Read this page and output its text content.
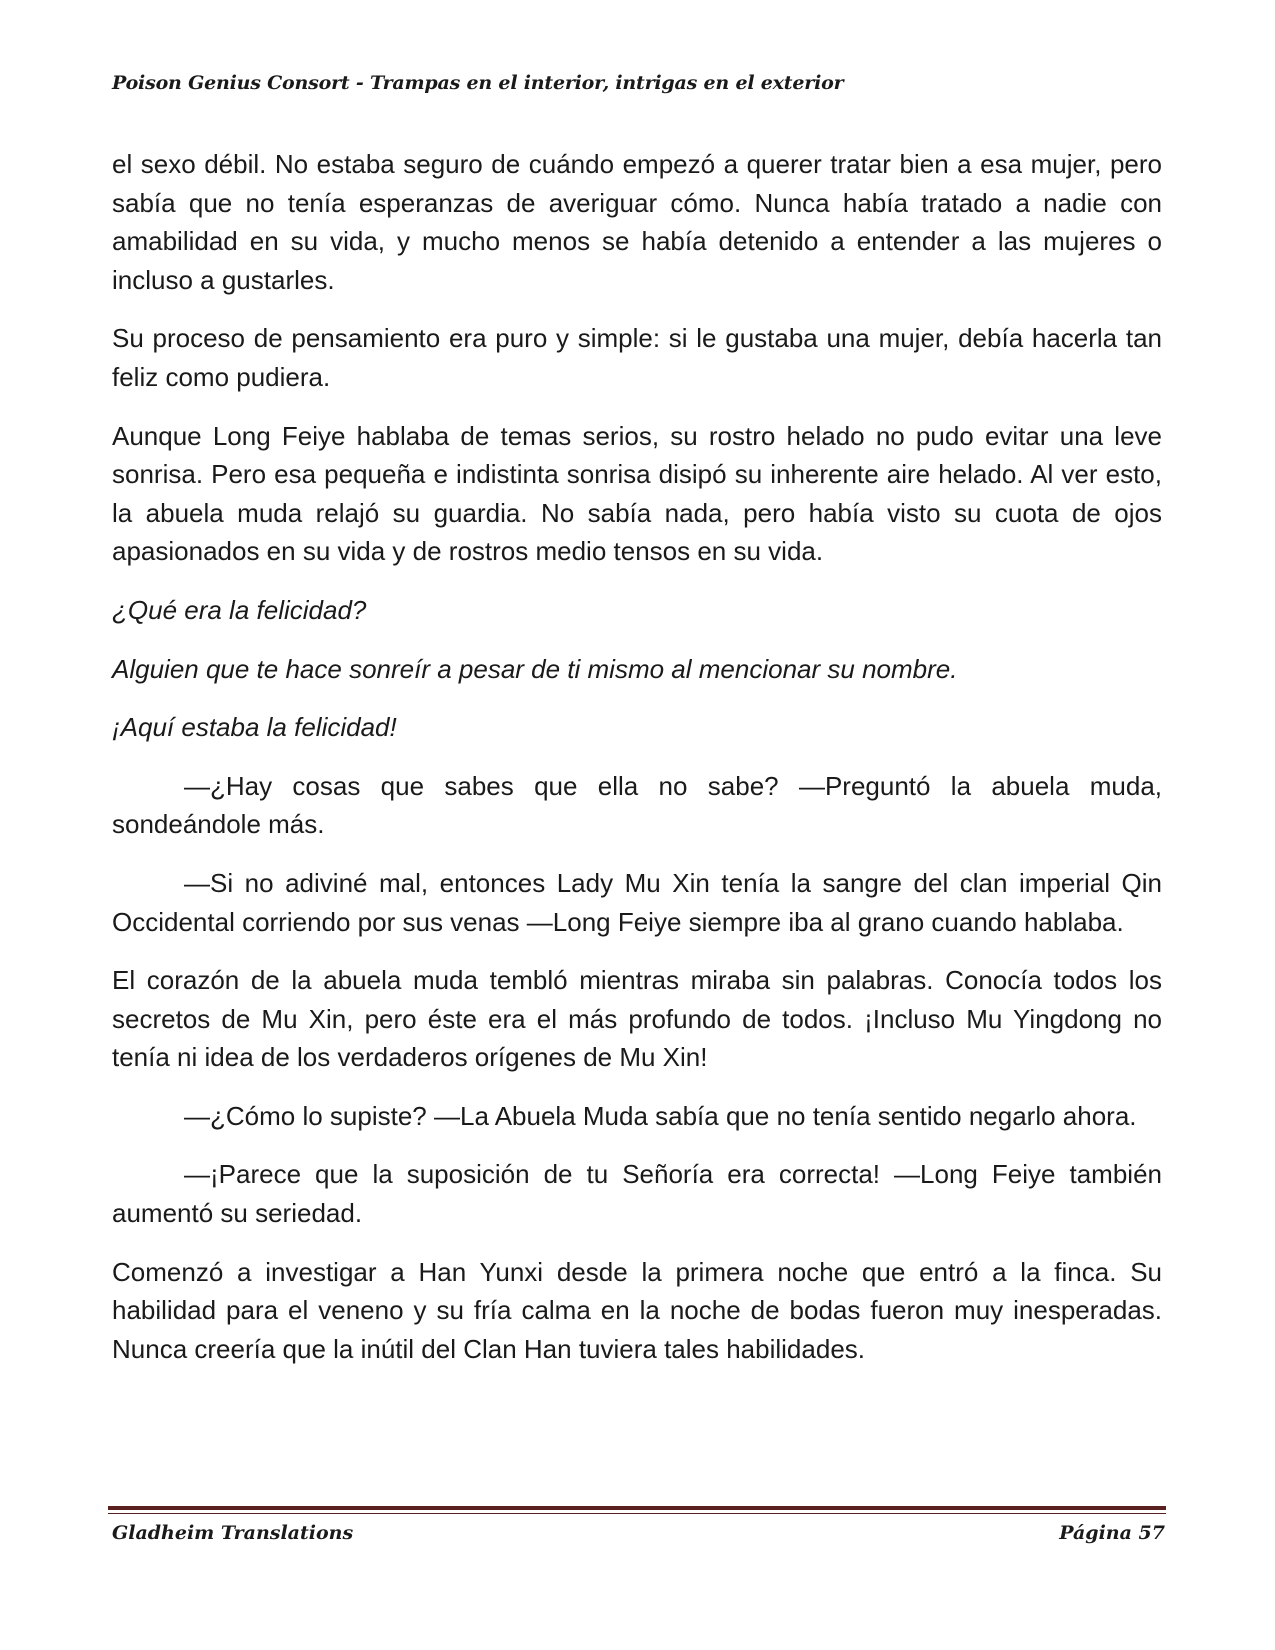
Poison Genius Consort - Trampas en el interior, intrigas en el exterior

el sexo débil. No estaba seguro de cuándo empezó a querer tratar bien a esa mujer, pero sabía que no tenía esperanzas de averiguar cómo. Nunca había tratado a nadie con amabilidad en su vida, y mucho menos se había detenido a entender a las mujeres o incluso a gustarles.

Su proceso de pensamiento era puro y simple: si le gustaba una mujer, debía hacerla tan feliz como pudiera.

Aunque Long Feiye hablaba de temas serios, su rostro helado no pudo evitar una leve sonrisa. Pero esa pequeña e indistinta sonrisa disipó su inherente aire helado. Al ver esto, la abuela muda relajó su guardia. No sabía nada, pero había visto su cuota de ojos apasionados en su vida y de rostros medio tensos en su vida.

¿Qué era la felicidad?

Alguien que te hace sonreír a pesar de ti mismo al mencionar su nombre.

¡Aquí estaba la felicidad!

—¿Hay cosas que sabes que ella no sabe? —Preguntó la abuela muda, sondeándole más.

—Si no adiviné mal, entonces Lady Mu Xin tenía la sangre del clan imperial Qin Occidental corriendo por sus venas —Long Feiye siempre iba al grano cuando hablaba.

El corazón de la abuela muda tembló mientras miraba sin palabras. Conocía todos los secretos de Mu Xin, pero éste era el más profundo de todos. ¡Incluso Mu Yingdong no tenía ni idea de los verdaderos orígenes de Mu Xin!

—¿Cómo lo supiste? —La Abuela Muda sabía que no tenía sentido negarlo ahora.

—¡Parece que la suposición de tu Señoría era correcta! —Long Feiye también aumentó su seriedad.

Comenzó a investigar a Han Yunxi desde la primera noche que entró a la finca. Su habilidad para el veneno y su fría calma en la noche de bodas fueron muy inesperadas. Nunca creería que la inútil del Clan Han tuviera tales habilidades.

Gladheim Translations	Página 57
